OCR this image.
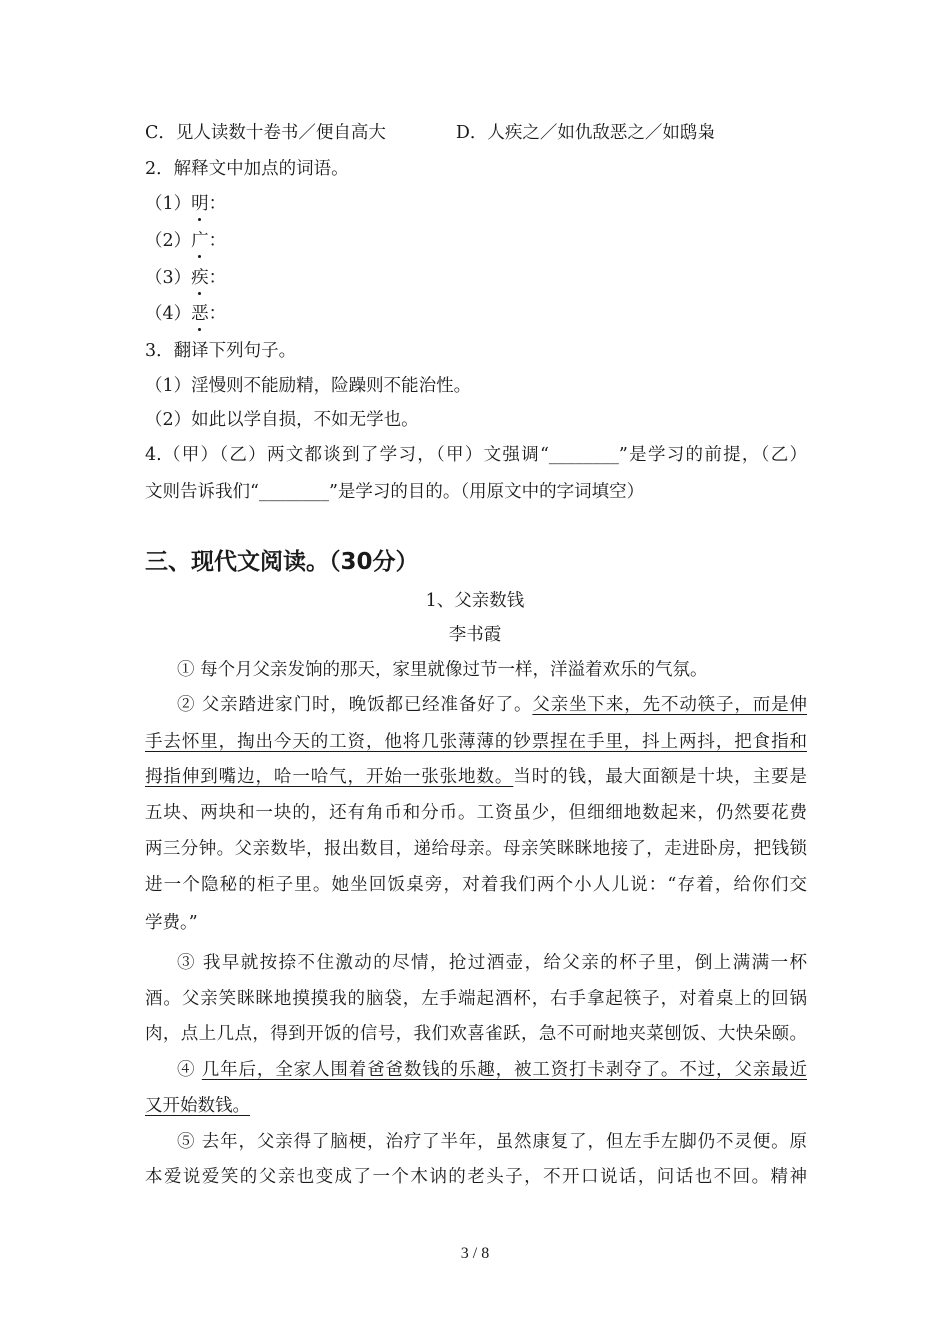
C．见人读数十卷书／便自高大	D．人疾之／如仇敌恶之／如鸱枭
2．解释文中加点的词语。
（1）明：
（2）广：
（3）疾：
（4）恶：
3．翻译下列句子。
（1）淫慢则不能励精，险躁则不能治性。
（2）如此以学自损，不如无学也。
4.（甲）（乙）两文都谈到了学习，（甲）文强调“________”是学习的前提，（乙）
文则告诉我们“________”是学习的目的。（用原文中的字词填空）
三、现代文阅读。（30分）
1、父亲数钱
李书霞
① 每个月父亲发饷的那天，家里就像过节一样，洋溢着欢乐的气氛。
② 父亲踏进家门时，晚饭都已经准备好了。父亲坐下来，先不动筷子，而是伸
手去怀里，掏出今天的工资，他将几张薄薄的钞票捏在手里，抖上两抖，把食指和
拇指伸到嘴边，哈一哈气，开始一张张地数。当时的钱，最大面额是十块，主要是
五块、两块和一块的，还有角币和分币。工资虽少，但细细地数起来，仍然要花费
两三分钟。父亲数毕，报出数目，递给母亲。母亲笑眯眯地接了，走进卧房，把钱锁
进一个隐秘的柜子里。她坐回饭桌旁，对着我们两个小人儿说：“存着，给你们交
学费。”
③ 我早就按捺不住激动的尽情，抢过酒壶，给父亲的杯子里，倒上满满一杯
酒。父亲笑眯眯地摸摸我的脑袋，左手端起酒杯，右手拿起筷子，对着桌上的回锅
肉，点上几点，得到开饭的信号，我们欢喜雀跃，急不可耐地夹菜刨饭、大快朵颐。
④ 几年后，全家人围着爸爸数钱的乐趣，被工资打卡剥夺了。不过，父亲最近
又开始数钱。
⑤ 去年，父亲得了脑梗，治疗了半年，虽然康复了，但左手左脚仍不灵便。原
本爱说爱笑的父亲也变成了一个木讷的老头子，不开口说话，问话也不回。精神
3 / 8
